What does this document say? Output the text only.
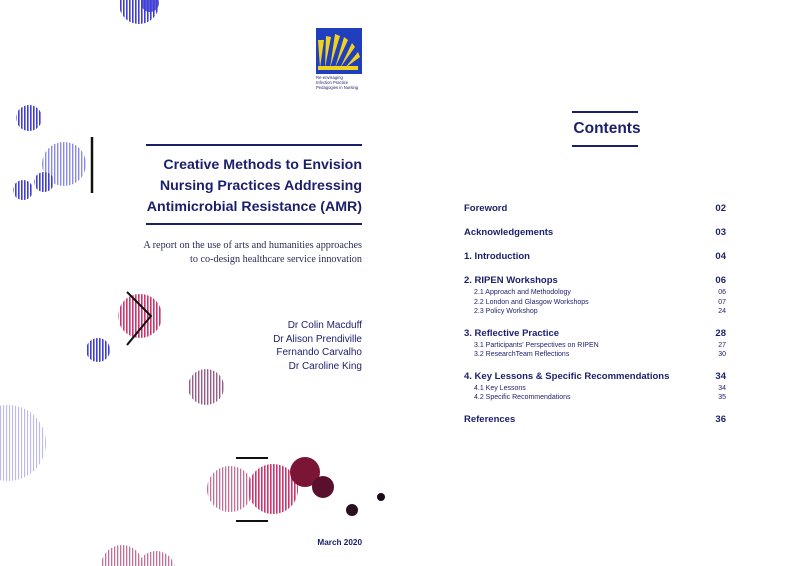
Re-envisaging
Infection Practice
Pedagogies in Nursing
Creative Methods to Envision
Nursing Practices Addressing
Antimicrobial Resistance (AMR)
A report on the use of arts and humanities approaches
to co-design healthcare service innovation
Dr Colin Macduff
Dr Alison Prendiville
Fernando Carvalho
Dr Caroline King
March 2020
Contents
Foreword	02
Acknowledgements	03
1. Introduction	04
2. RIPEN Workshops	06
2.1 Approach and Methodology	06
2.2 London and Glasgow Workshops	07
2.3 Policy Workshop	24
3. Reflective Practice	28
3.1 Participants' Perspectives on RIPEN	27
3.2 ResearchTeam Reflections	30
4. Key Lessons & Specific Recommendations	34
4.1 Key Lessons	34
4.2 Specific Recommendations	35
References	36
